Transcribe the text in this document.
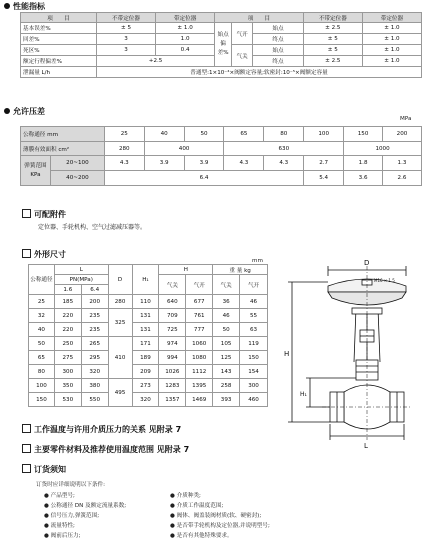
性能指标
项　　目	不带定位器	带定位器	项　　目			不带定位器	带定位器
基本误差%	± 5	± 1.0	始点偏差%	气开	始点	± 2.5	± 1.0
回差%	3	1.0			终点	± 5	± 1.0
死区%	3	0.4		气关	始点	± 5	± 1.0
额定行程偏差%	+2.5				终点	± 2.5	± 1.0
泄漏量 L/h	普通型:1×10⁻⁴×阀额定容量;软密封:10⁻⁵×阀额定容量						
允许压差
MPa
公称通径 mm		25	40	50	65	80	100	150	200
薄膜有效面积 cm²		280	400		630			1000	
弹簧范围
KPa	20~100	4.3	3.9	3.9	4.3	4.3	2.7	1.8	1.3
	40~200	6.4					5.4	3.6	2.6
可配附件
定位器、手轮机构、空气过滤减压器等。
外形尺寸
mm
公称通径	L		D	H₁	H		重 量 kg	
	PN(MPa)				气关	气开	气关	气开
	1.6	6.4						
25	185	200	280	110	640	677	36	46
32	220	235	325	131	709	761	46	55
40	220	235		131	725	777	50	63
50	250	265	410	171	974	1060	105	119
65	275	295		189	994	1080	125	150
80	300	320		209	1026	1112	143	154
100	350	380	495	273	1283	1395	258	300
150	530	550		320	1357	1469	393	460
D
M16 × 1.5
H
H₁
L
工作温度与许用介质压力的关系 见附录 7
主要零件材料及推荐使用温度范围 见附录 7
订货须知
订货时应详细说明以下条件:
● 产品型号;
● 公称通径 DN 及额定流量系数;
● 信号压力,弹簧范围;
● 流量特性;
● 阀前后压力;
● 介质种类;
● 介质工作温度范围;
● 阀体、阀盖装阀材质(软、硬密封);
● 是否带手轮机构及定位器,并说明型号;
● 是否有其他特殊要求。
